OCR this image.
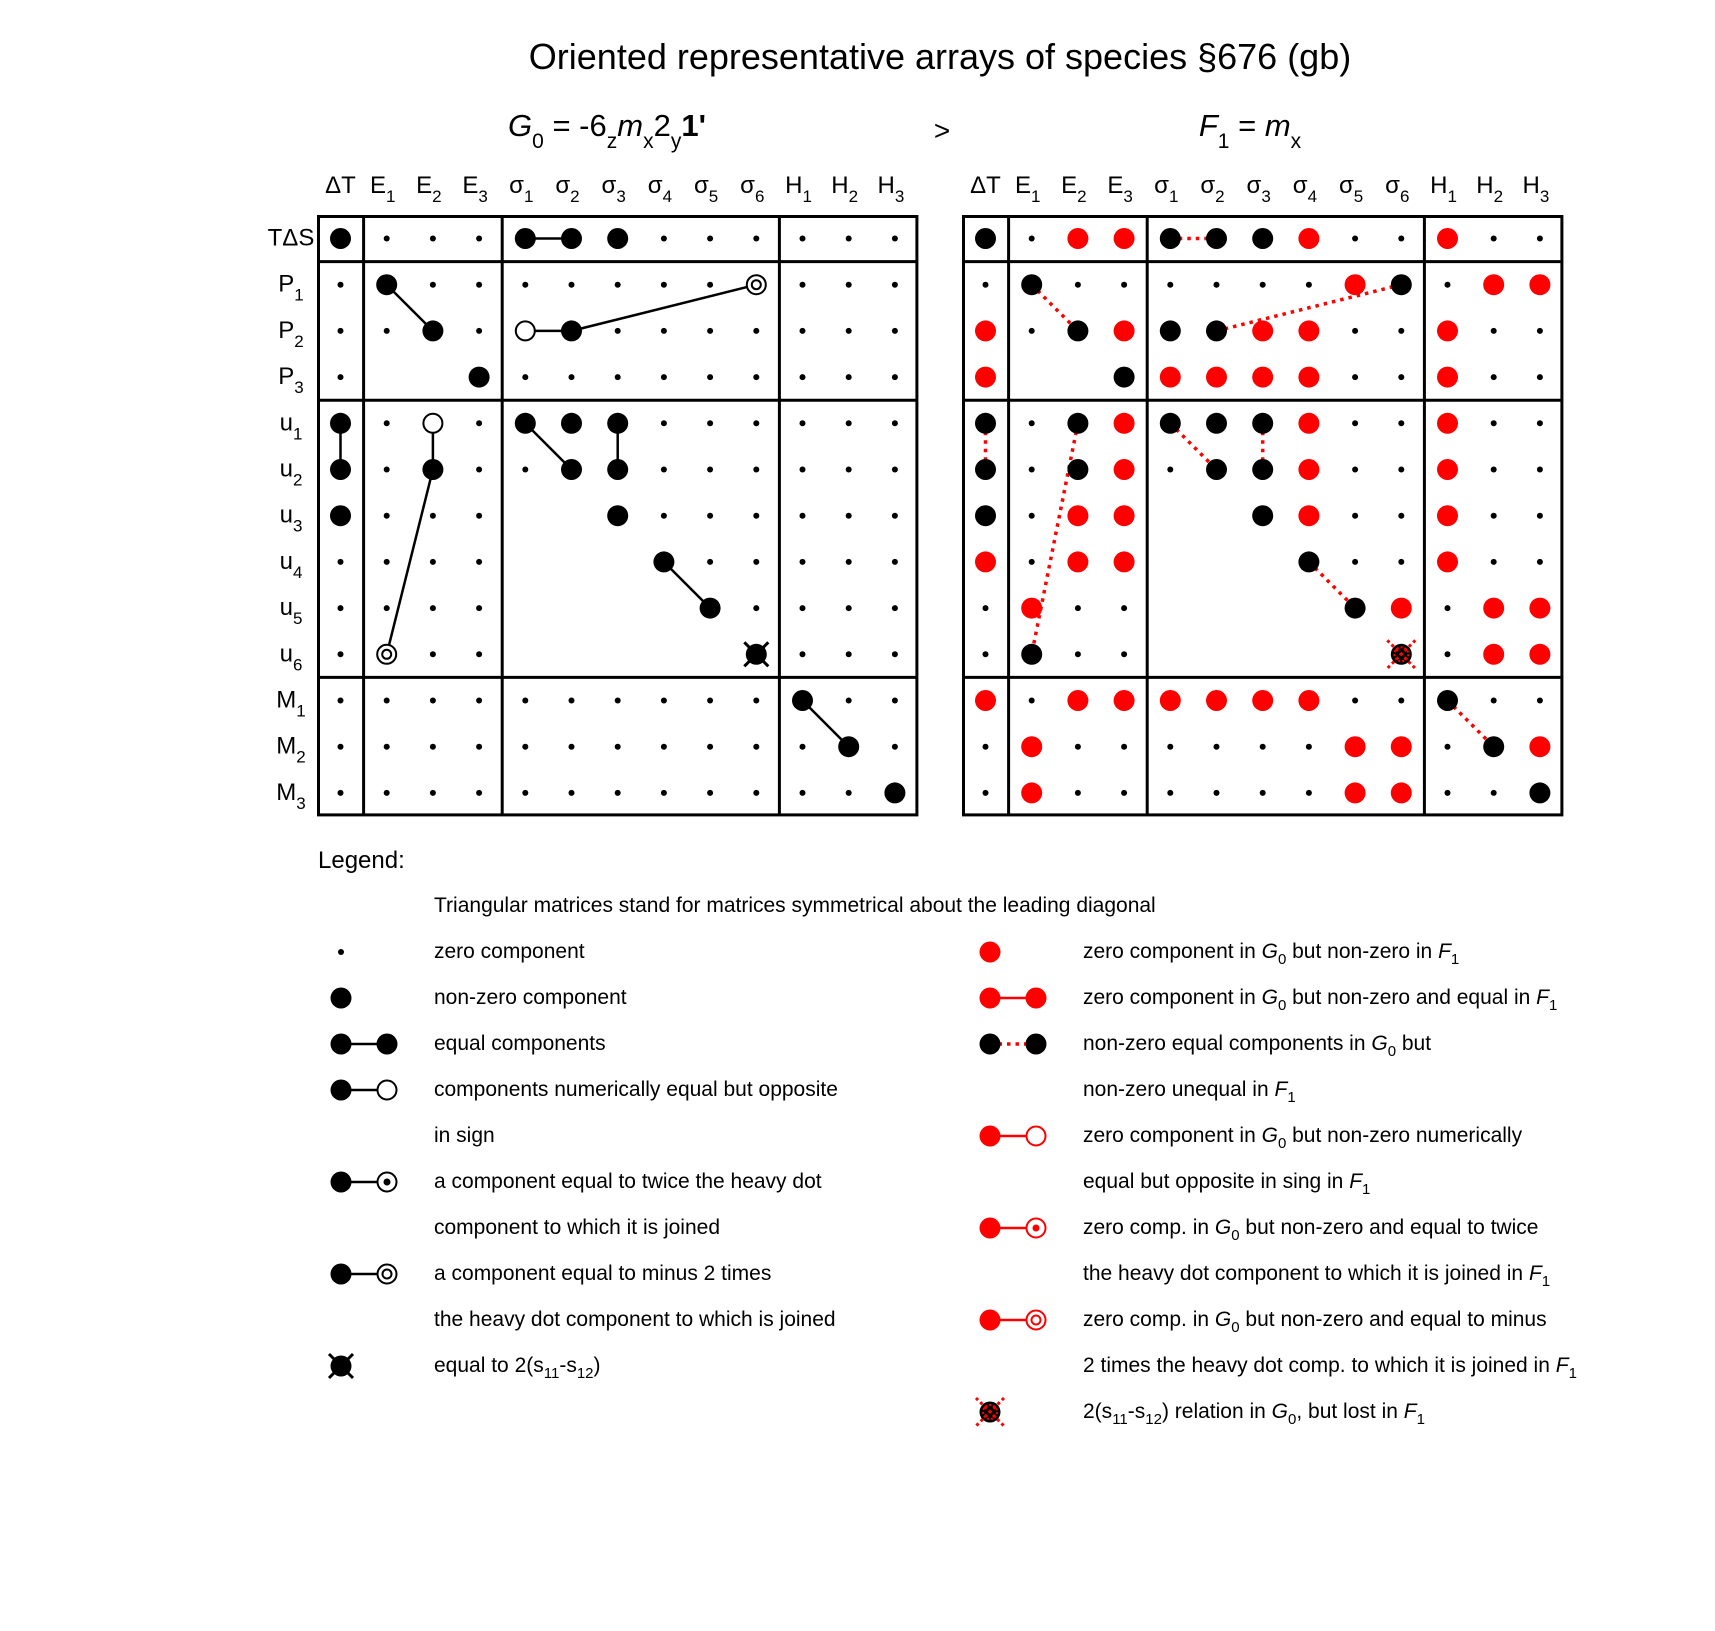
Oriented representative arrays of species §676 (gb)
>
$G_0 = -6_zm_x2_y1'$	$F_1 = m_x$
ΔT $E_1$ $E_2$ $E_3$ $\sigma_1$ $\sigma_2$ $\sigma_3$ $\sigma_4$ $\sigma_5$ $\sigma_6$ $H_1$ $H_2$ $H_3$	ΔT $E_1$ $E_2$ $E_3$ $\sigma_1$ $\sigma_2$ $\sigma_3$ $\sigma_4$ $\sigma_5$ $\sigma_6$ $H_1$ $H_2$ $H_3$
TΔS
$P_1$
$P_2$
$P_3$
$u_1$
$u_2$
$u_3$
$u_4$
$u_5$
$u_6$
$M_1$
$M_2$
$M_3$
Legend:
Triangular matrices stand for matrices symmetrical about the leading diagonal
zero component
non-zero component
equal components
components numerically equal but opposite
in sign
a component equal to twice the heavy dot
component to which it is joined
a component equal to minus 2 times
the heavy dot component to which is joined
equal to $2(s_{11}-s_{12})$
zero component in $G_0$ but non-zero in $F_1$
zero component in $G_0$ but non-zero and equal in $F_1$
non-zero equal components in $G_0$ but
non-zero unequal in $F_1$
zero component in $G_0$ but non-zero numerically
equal but opposite in sing in $F_1$
zero comp. in $G_0$ but non-zero and equal to twice
the heavy dot component to which it is joined in $F_1$
zero comp. in $G_0$ but non-zero and equal to minus
2 times the heavy dot comp. to which it is joined in $F_1$
$2(s_{11}-s_{12})$ relation in $G_0$, but lost in $F_1$
